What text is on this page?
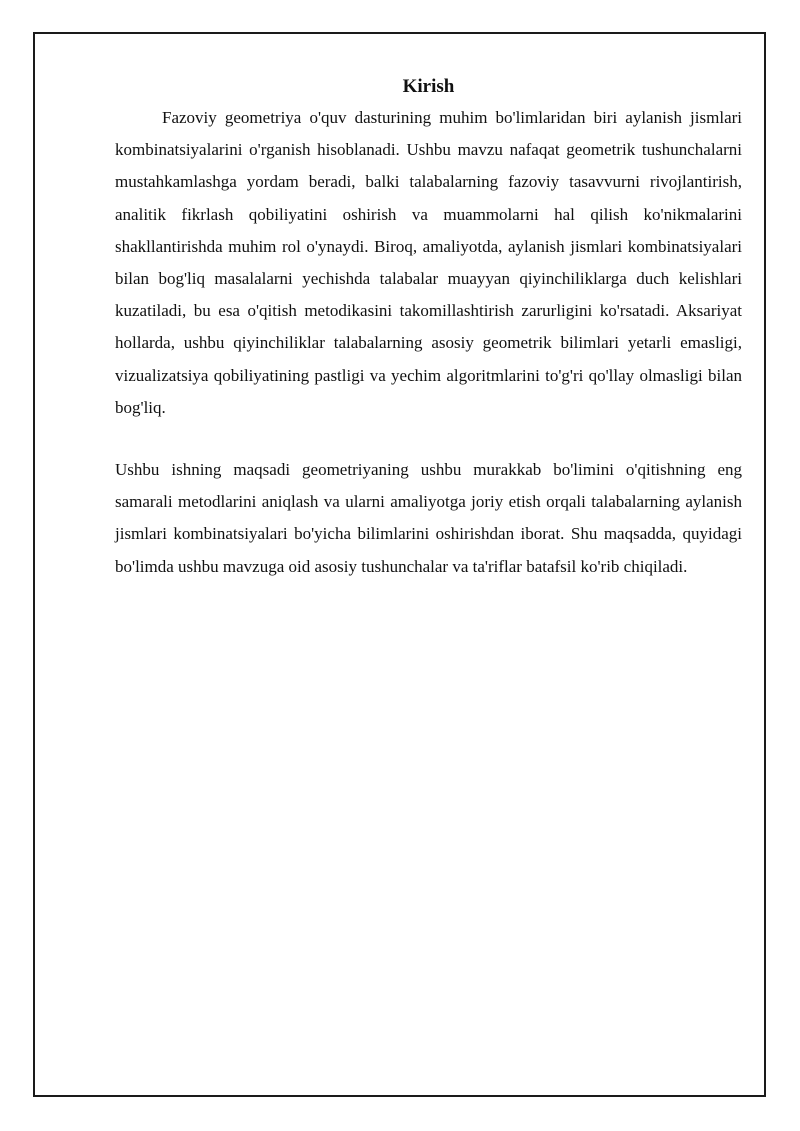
Kirish

Fazoviy geometriya o'quv dasturining muhim bo'limlaridan biri aylanish jismlari kombinatsiyalarini o'rganish hisoblanadi. Ushbu mavzu nafaqat geometrik tushunchalarni mustahkamlashga yordam beradi, balki talabalarning fazoviy tasavvurni rivojlantirish, analitik fikrlash qobiliyatini oshirish va muammolarni hal qilish ko'nikmalarini shakllantirishda muhim rol o'ynaydi. Biroq, amaliyotda, aylanish jismlari kombinatsiyalari bilan bog'liq masalalarni yechishda talabalar muayyan qiyinchiliklarga duch kelishlari kuzatiladi, bu esa o'qitish metodikasini takomillashtirish zarurligini ko'rsatadi. Aksariyat hollarda, ushbu qiyinchiliklar talabalarning asosiy geometrik bilimlari yetarli emasligi, vizualizatsiya qobiliyatining pastligi va yechim algoritmlarini to'g'ri qo'llay olmasligi bilan bog'liq.

Ushbu ishning maqsadi geometriyaning ushbu murakkab bo'limini o'qitishning eng samarali metodlarini aniqlash va ularni amaliyotga joriy etish orqali talabalarning aylanish jismlari kombinatsiyalari bo'yicha bilimlarini oshirishdan iborat. Shu maqsadda, quyidagi bo'limda ushbu mavzuga oid asosiy tushunchalar va ta'riflar batafsil ko'rib chiqiladi.
